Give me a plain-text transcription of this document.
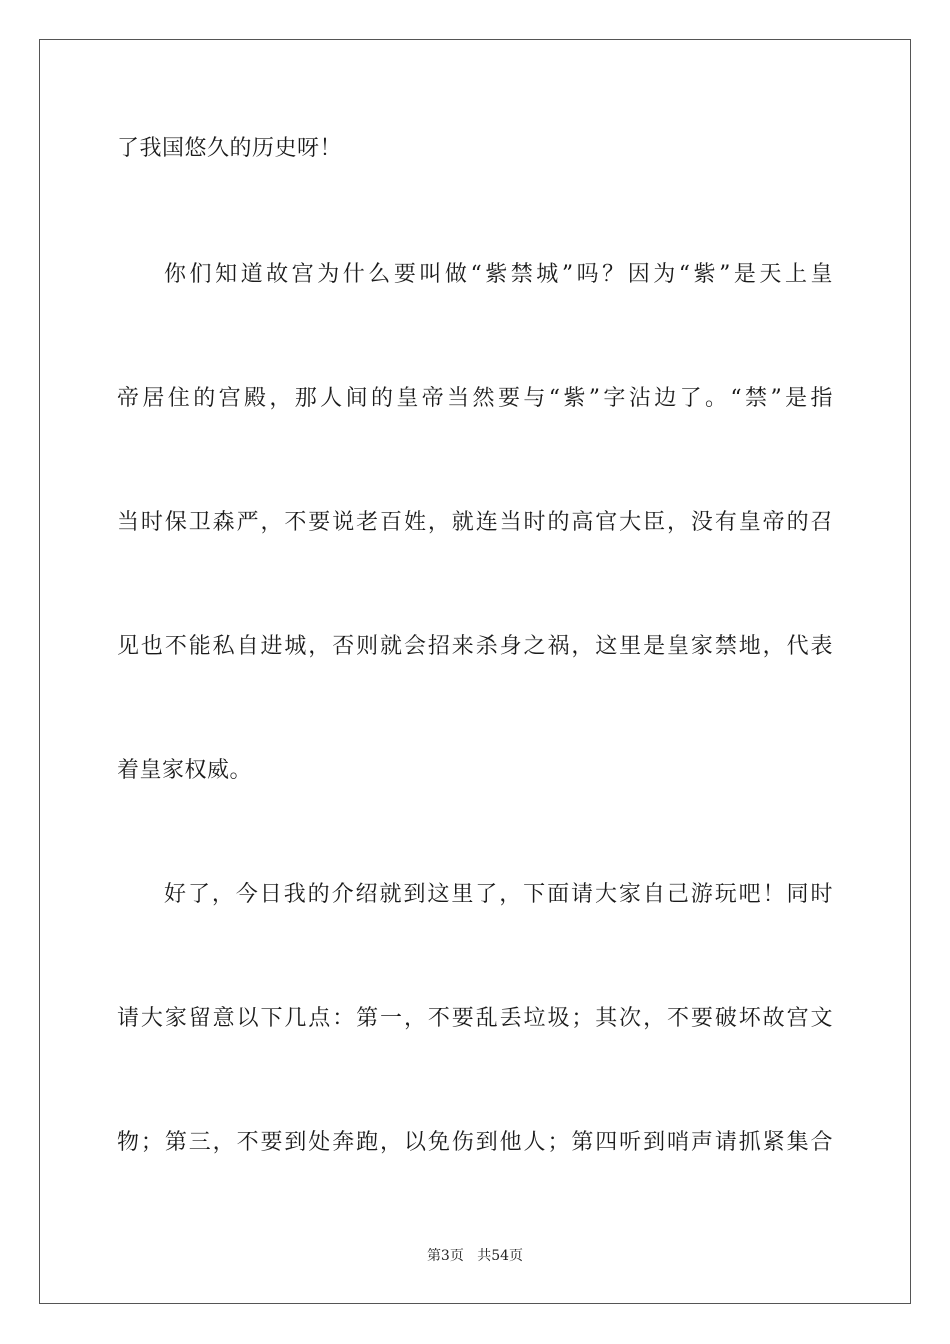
了我国悠久的历史呀！
你们知道故宫为什么要叫做“紫禁城”吗？因为“紫”是天上皇
帝居住的宫殿，那人间的皇帝当然要与“紫”字沾边了。“禁”是指
当时保卫森严，不要说老百姓，就连当时的高官大臣，没有皇帝的召
见也不能私自进城，否则就会招来杀身之祸，这里是皇家禁地，代表
着皇家权威。
好了，今日我的介绍就到这里了，下面请大家自己游玩吧！同时
请大家留意以下几点：第一，不要乱丢垃圾；其次，不要破坏故宫文
物；第三，不要到处奔跑，以免伤到他人；第四听到哨声请抓紧集合
第3页 共54页
